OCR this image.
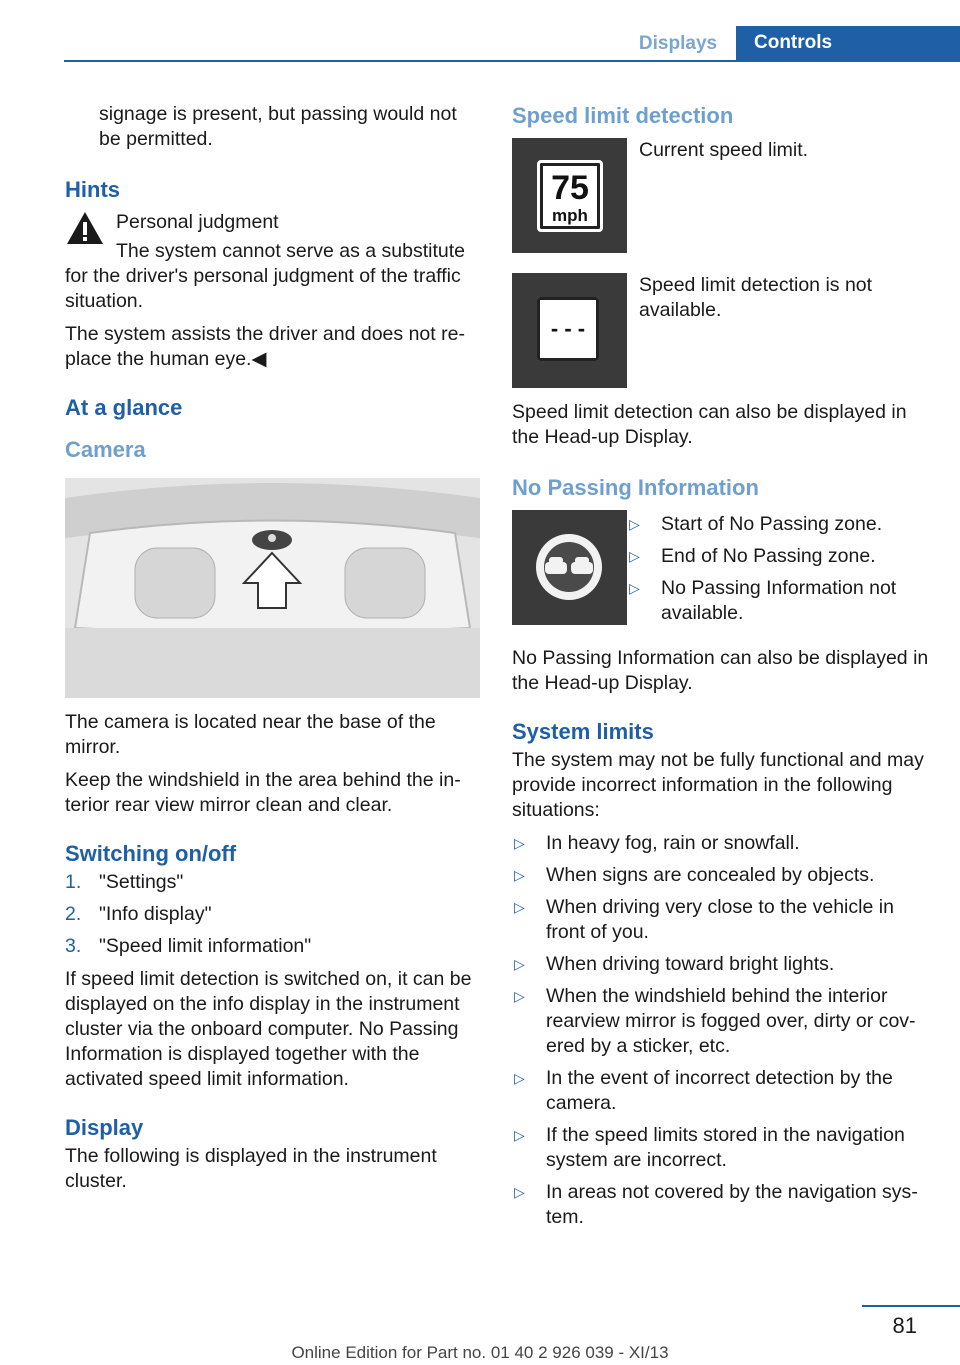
Displays	Controls

signage is present, but passing would not be permitted.

Hints

Personal judgment

The system cannot serve as a substitute for the driver's personal judgment of the traffic situation.

The system assists the driver and does not replace the human eye.◀

At a glance
Camera

The camera is located near the base of the mirror.

Keep the windshield in the area behind the interior rear view mirror clean and clear.

Switching on/off
1. "Settings"
2. "Info display"
3. "Speed limit information"

If speed limit detection is switched on, it can be displayed on the info display in the instrument cluster via the onboard computer. No Passing Information is displayed together with the activated speed limit information.

Display

The following is displayed in the instrument cluster.

Speed limit detection
75
mph

Current speed limit.

- - -

Speed limit detection is not available.

Speed limit detection can also be displayed in the Head-up Display.

No Passing Information
▷ Start of No Passing zone.
▷ End of No Passing zone.
▷ No Passing Information not available.

No Passing Information can also be displayed in the Head-up Display.

System limits

The system may not be fully functional and may provide incorrect information in the following situations:

▷ In heavy fog, rain or snowfall.
▷ When signs are concealed by objects.
▷ When driving very close to the vehicle in front of you.
▷ When driving toward bright lights.
▷ When the windshield behind the interior rearview mirror is fogged over, dirty or covered by a sticker, etc.
▷ In the event of incorrect detection by the camera.
▷ If the speed limits stored in the navigation system are incorrect.
▷ In areas not covered by the navigation system.
81
Online Edition for Part no. 01 40 2 926 039 - XI/13
